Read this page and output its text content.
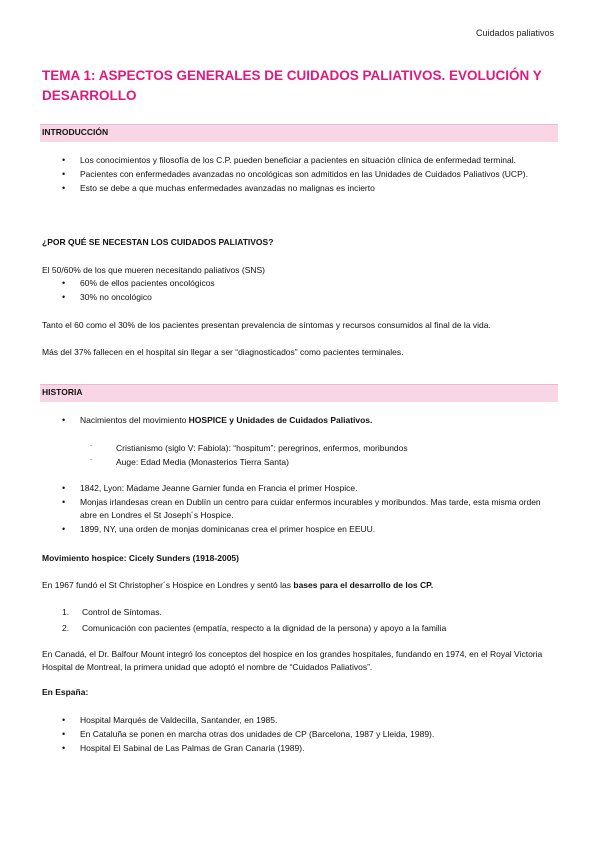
Cuidados paliativos
TEMA 1: ASPECTOS GENERALES DE CUIDADOS PALIATIVOS. EVOLUCIÓN Y DESARROLLO
INTRODUCCIÓN
• Los conocimientos y filosofía de los C.P. pueden beneficiar a pacientes en situación clínica de enfermedad terminal.
• Pacientes con enfermedades avanzadas no oncológicas son admitidos en las Unidades de Cuidados Paliativos (UCP).
• Esto se debe a que muchas enfermedades avanzadas no malignas es incierto
¿POR QUÉ SE NECESTAN LOS CUIDADOS PALIATIVOS?
El 50/60% de los que mueren necesitando paliativos (SNS)
• 60% de ellos pacientes oncológicos
• 30% no oncológico
Tanto el 60 como el 30% de los pacientes presentan prevalencia de síntomas y recursos consumidos al final de la vida.
Más del 37% fallecen en el hospital sin llegar a ser “diagnosticados” como pacientes terminales.
HISTORIA
• Nacimientos del movimiento HOSPICE y Unidades de Cuidados Paliativos.
- Cristianismo (siglo V: Fabiola): “hospitum”: peregrinos, enfermos, moribundos
- Auge: Edad Media (Monasterios Tierra Santa)
• 1842, Lyon: Madame Jeanne Garnier funda en Francia el primer Hospice.
• Monjas irlandesas crean en Dublín un centro para cuidar enfermos incurables y moribundos. Mas tarde, esta misma orden abre en Londres el St Joseph´s Hospice.
• 1899, NY, una orden de monjas dominicanas crea el primer hospice en EEUU.
Movimiento hospice: Cicely Sunders (1918-2005)
En 1967 fundó el St Christopher´s Hospice en Londres y sentó las bases para el desarrollo de los CP.
1. Control de Síntomas.
2. Comunicación con pacientes (empatía, respecto a la dignidad de la persona) y apoyo a la familia
En Canadá, el Dr. Balfour Mount integró los conceptos del hospice en los grandes hospitales, fundando en 1974, en el Royal Victoria Hospital de Montreal, la primera unidad que adoptó el nombre de “Cuidados Paliativos”.
En España:
• Hospital Marqués de Valdecilla, Santander, en 1985.
• En Cataluña se ponen en marcha otras dos unidades de CP (Barcelona, 1987 y Lleida, 1989).
• Hospital El Sabinal de Las Palmas de Gran Canaria (1989).
